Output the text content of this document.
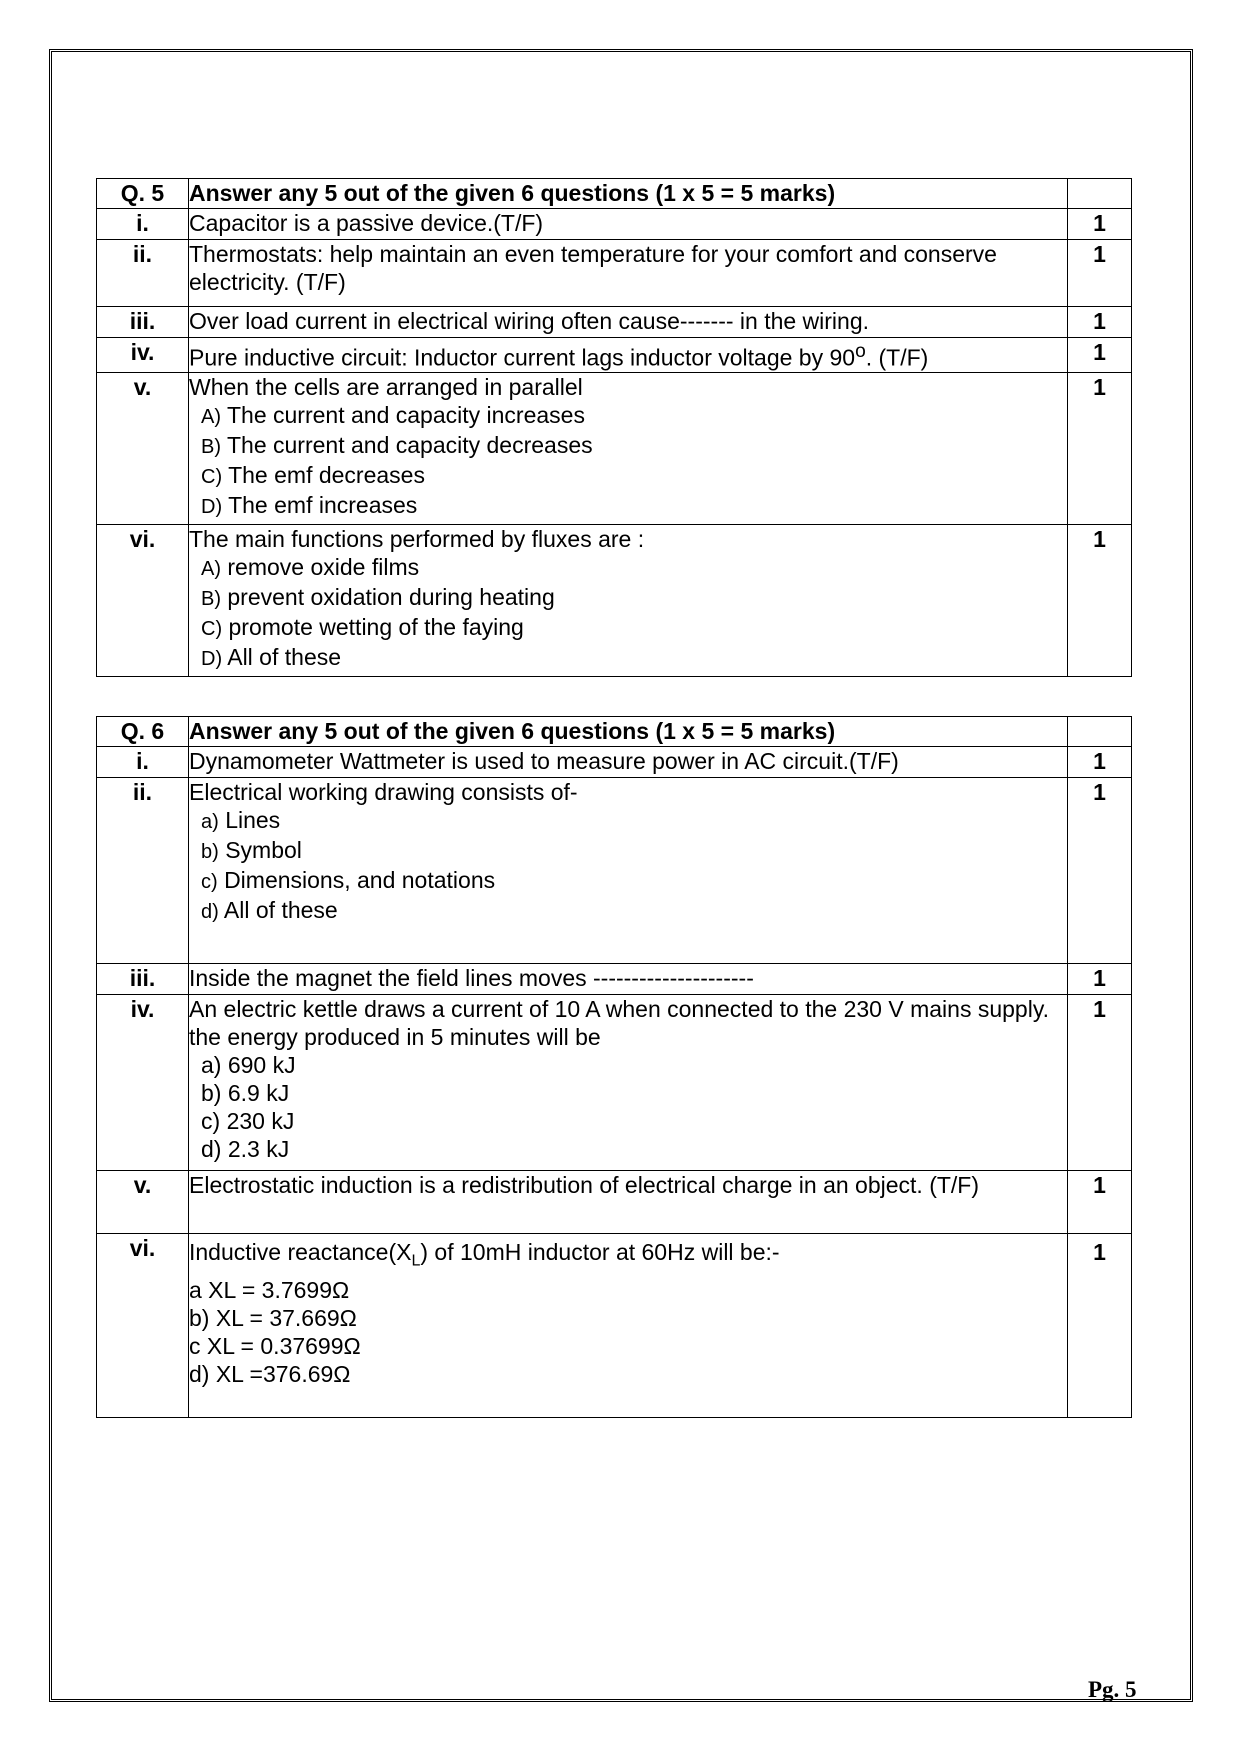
Q. 5	Answer any 5 out of the given 6 questions (1 x 5 = 5 marks)	
i.	Capacitor is a passive device.(T/F)	1
ii.	Thermostats: help maintain an even temperature for your comfort and conserve electricity. (T/F)	1
iii.	Over load current in electrical wiring often cause------- in the wiring.	1
iv.	Pure inductive circuit: Inductor current lags inductor voltage by 90$^o$. (T/F)	1
v.	When the cells are arranged in parallel
A) The current and capacity increases
B) The current and capacity decreases
C) The emf decreases
D) The emf increases	1
vi.	The main functions performed by fluxes are :
A) remove oxide films
B) prevent oxidation during heating
C) promote wetting of the faying
D) All of these	1
Q. 6	Answer any 5 out of the given 6 questions (1 x 5 = 5 marks)	
i.	Dynamometer Wattmeter is used to measure power in AC circuit.(T/F)	1
ii.	Electrical working drawing consists of-
a) Lines
b) Symbol
c) Dimensions, and notations
d) All of these	1
iii.	Inside the magnet the field lines moves ---------------------	1
iv.	An electric kettle draws a current of 10 A when connected to the 230 V mains supply. the energy produced in 5 minutes will be
a) 690 kJ
b) 6.9 kJ
c) 230 kJ
d) 2.3 kJ	1
v.	Electrostatic induction is a redistribution of electrical charge in an object. (T/F)	1
vi.	Inductive $reactance(X_L)$ of 10mH inductor at 60Hz will be:-
a XL = 3.7699Ω
b) XL = 37.669Ω
c XL = 0.37699Ω
d) XL =376.69Ω	1
Pg. 5
